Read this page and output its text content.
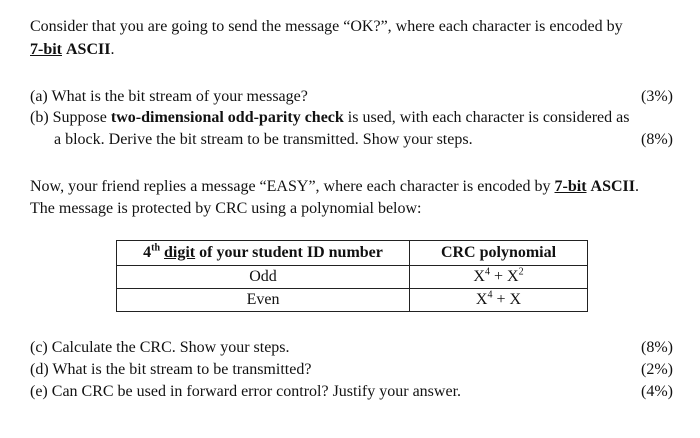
Consider that you are going to send the message “OK?”, where each character is encoded by
7-bit ASCII.
(a) What is the bit stream of your message?	(3%)
(b) Suppose two-dimensional odd-parity check is used, with each character is considered as
a block. Derive the bit stream to be transmitted. Show your steps.	(8%)
Now, your friend replies a message “EASY”, where each character is encoded by 7-bit ASCII.
The message is protected by CRC using a polynomial below:
4th digit of your student ID number	CRC polynomial
Odd	$X^4 + X^2$
Even	$X^4 + X$
(c) Calculate the CRC. Show your steps.	(8%)
(d) What is the bit stream to be transmitted?	(2%)
(e) Can CRC be used in forward error control? Justify your answer.	(4%)
